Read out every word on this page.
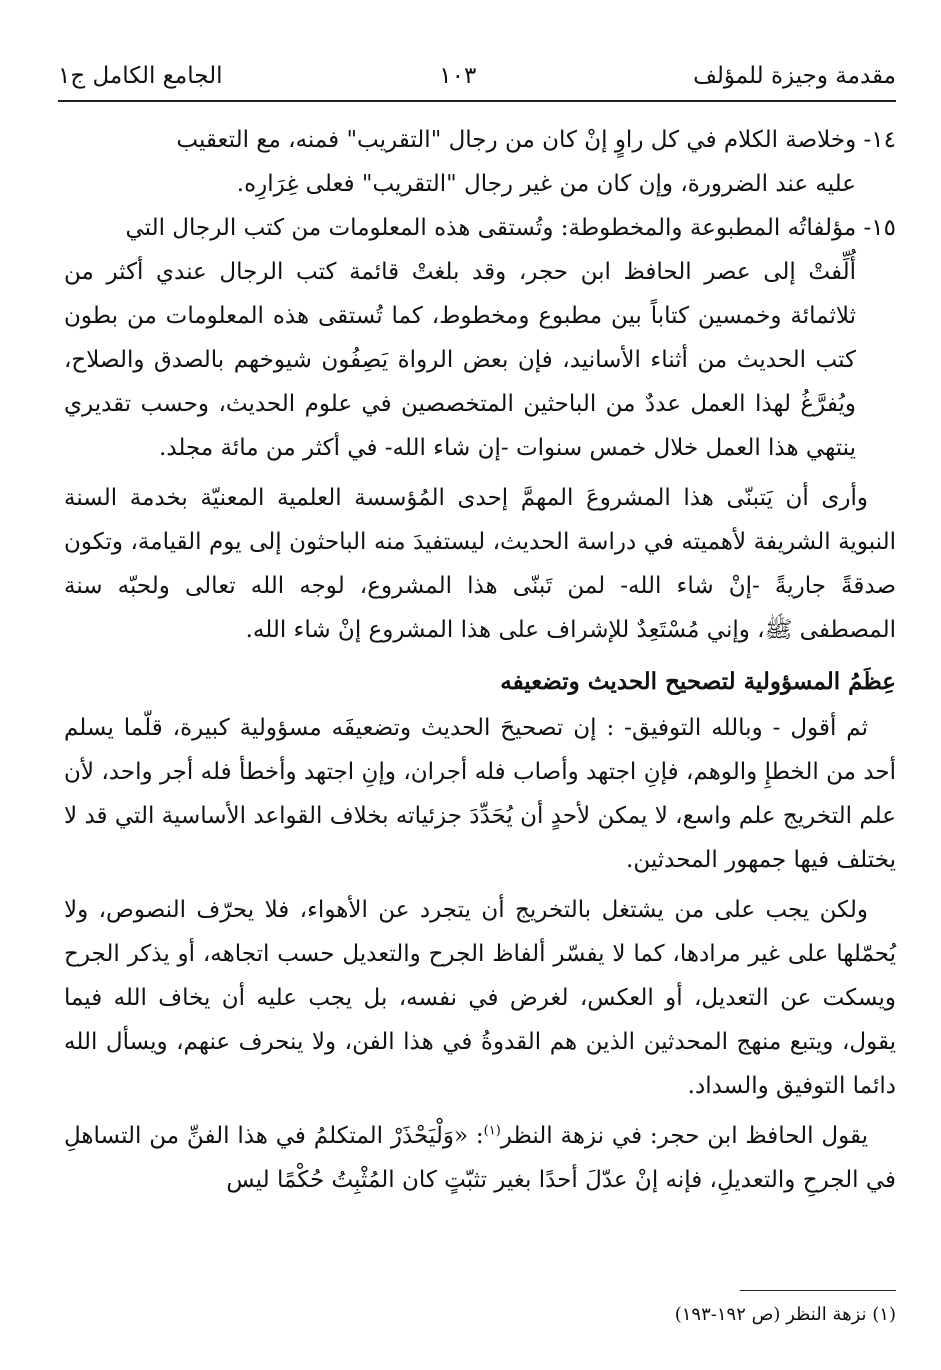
مقدمة وجيزة للمؤلف
١٠٣
الجامع الكامل ج١

١٤- وخلاصة الكلام في كل راوٍ إنْ كان من رجال "التقريب" فمنه، مع التعقيب
عليه عند الضرورة، وإن كان من غير رجال "التقريب" فعلى غِرَارِه.

١٥- مؤلفاتُه المطبوعة والمخطوطة: وتُستقى هذه المعلومات من كتب الرجال التي
أُلِّفتْ إلى عصر الحافظ ابن حجر، وقد بلغتْ قائمة كتب الرجال عندي أكثر من ثلاثمائة وخمسين كتاباً بين مطبوع ومخطوط، كما تُستقى هذه المعلومات من بطون كتب الحديث من أثناء الأسانيد، فإن بعض الرواة يَصِفُون شيوخهم بالصدق والصلاح، ويُفرَّغُ لهذا العمل عددٌ من الباحثين المتخصصين في علوم الحديث، وحسب تقديري ينتهي هذا العمل خلال خمس سنوات -إن شاء الله- في أكثر من مائة مجلد.

وأرى أن يَتبنّى هذا المشروعَ المهمَّ إحدى المُؤسسة العلمية المعنيّة بخدمة السنة النبوية الشريفة لأهميته في دراسة الحديث، ليستفيدَ منه الباحثون إلى يوم القيامة، وتكون صدقةً جاريةً -إنْ شاء الله- لمن تَبنّى هذا المشروع، لوجه الله تعالى ولحبّه سنة المصطفى ﷺ، وإني مُسْتَعِدٌ للإشراف على هذا المشروع إنْ شاء الله.

عِظَمُ المسؤولية لتصحيح الحديث وتضعيفه

ثم أقول - وبالله التوفيق- : إن تصحيحَ الحديث وتضعيفَه مسؤولية كبيرة، قلّما يسلم أحد من الخطإِ والوهم، فإنِ اجتهد وأصاب فله أجران، وإنِ اجتهد وأخطأ فله أجر واحد، لأن علم التخريج علم واسع، لا يمكن لأحدٍ أن يُحَدِّدَ جزئياته بخلاف القواعد الأساسية التي قد لا يختلف فيها جمهور المحدثين.

ولكن يجب على من يشتغل بالتخريج أن يتجرد عن الأهواء، فلا يحرّف النصوص، ولا يُحمّلها على غير مرادها، كما لا يفسّر ألفاظ الجرح والتعديل حسب اتجاهه، أو يذكر الجرح ويسكت عن التعديل، أو العكس، لغرض في نفسه، بل يجب عليه أن يخاف الله فيما يقول، ويتبع منهج المحدثين الذين هم القدوةُ في هذا الفن، ولا ينحرف عنهم، ويسأل الله دائما التوفيق والسداد.

يقول الحافظ ابن حجر: في نزهة النظر$^{(١)}$: «وَلْيَحْذَرْ المتكلمُ في هذا الفنِّ من التساهلِ في الجرحِ والتعديلِ، فإنه إنْ عدّلَ أحدًا بغير تثبّتٍ كان المُثْبِتُ حُكْمًا ليس

(١) نزهة النظر (ص ١٩٢-١٩٣)
